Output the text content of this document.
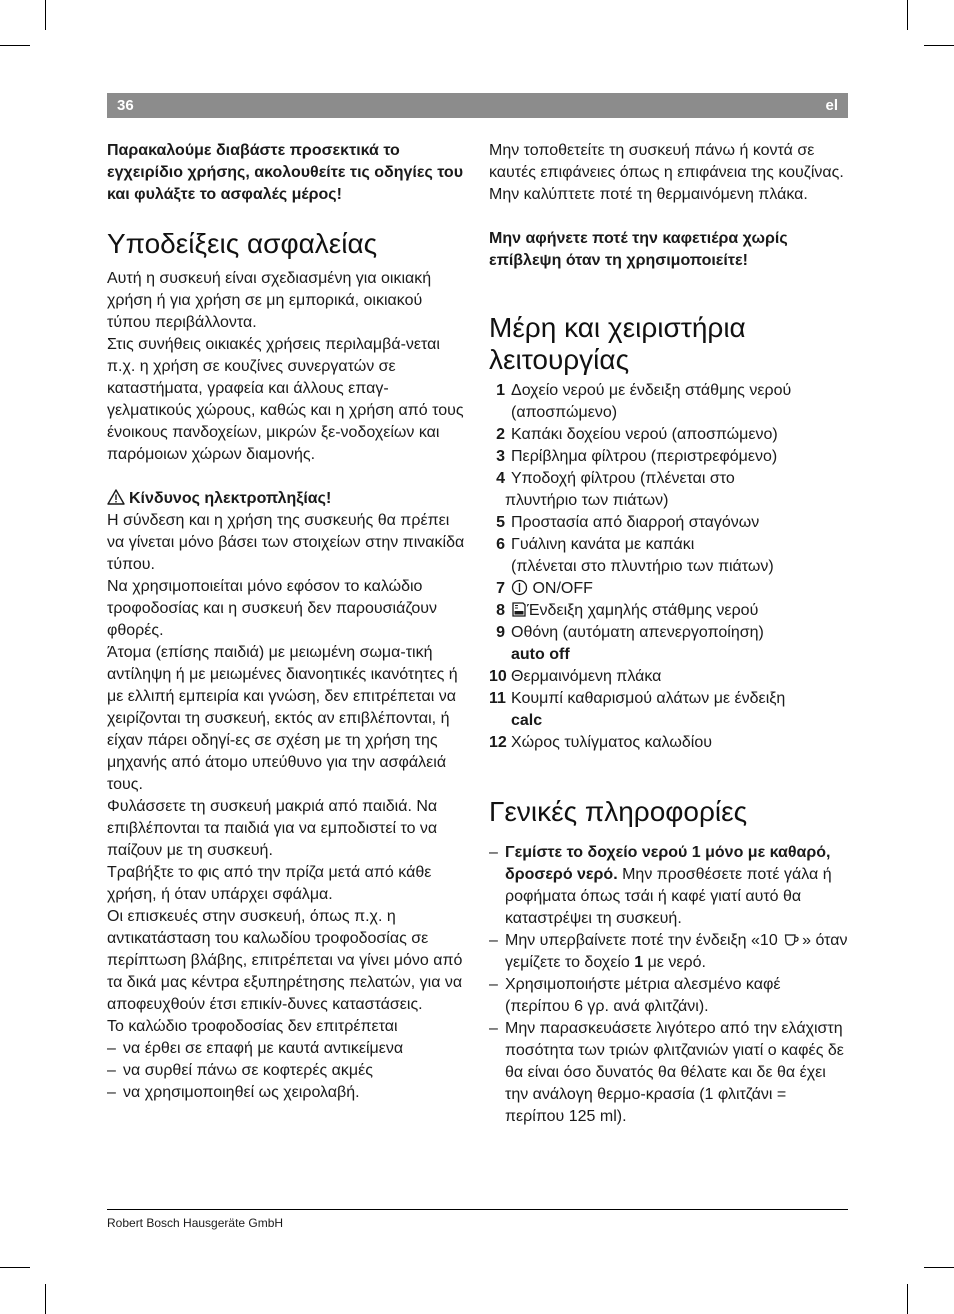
36	el

Παρακαλούμε διαβάστε προσεκτικά το εγχειρίδιο χρήσης, ακολουθείτε τις οδηγίες του και φυλάξτε το ασφαλές μέρος!

Υποδείξεις ασφαλείας

Αυτή η συσκευή είναι σχεδιασμένη για οικιακή χρήση ή για χρήση σε μη εμπορικά, οικιακού τύπου περιβάλλοντα.

Στις συνήθεις οικιακές χρήσεις περιλαμβά-νεται π.χ. η χρήση σε κουζίνες συνεργατών σε καταστήματα, γραφεία και άλλους επαγ-γελματικούς χώρους, καθώς και η χρήση από τους ένοικους πανδοχείων, μικρών ξε-νοδοχείων και παρόμοιων χώρων διαμονής.

Κίνδυνος ηλεκτροπληξίας!

Η σύνδεση και η χρήση της συσκευής θα πρέπει να γίνεται μόνο βάσει των στοιχείων στην πινακίδα τύπου.

Να χρησιμοποιείται μόνο εφόσον το καλώδιο τροφοδοσίας και η συσκευή δεν παρουσιάζουν φθορές.

Άτομα (επίσης παιδιά) με μειωμένη σωμα-τική αντίληψη ή με μειωμένες διανοητικές ικανότητες ή με ελλιπή εμπειρία και γνώση, δεν επιτρέπεται να χειρίζονται τη συσκευή, εκτός αν επιβλέπονται, ή είχαν πάρει οδηγί-ες σε σχέση με τη χρήση της μηχανής από άτομο υπεύθυνο για την ασφάλειά τους.

Φυλάσσετε τη συσκευή μακριά από παιδιά. Να επιβλέπονται τα παιδιά για να εμποδιστεί το να παίζουν με τη συσκευή.

Τραβήξτε το φις από την πρίζα μετά από κάθε χρήση, ή όταν υπάρχει σφάλμα.

Οι επισκευές στην συσκευή, όπως π.χ. η αντικατάσταση του καλωδίου τροφοδοσίας σε περίπτωση βλάβης, επιτρέπεται να γίνει μόνο από τα δικά μας κέντρα εξυπηρέτησης πελατών, για να αποφευχθούν έτσι επικίν-δυνες καταστάσεις.

Το καλώδιο τροφοδοσίας δεν επιτρέπεται

– να έρθει σε επαφή με καυτά αντικείμενα
– να συρθεί πάνω σε κοφτερές ακμές
– να χρησιμοποιηθεί ως χειρολαβή.

Μην τοποθετείτε τη συσκευή πάνω ή κοντά σε καυτές επιφάνειες όπως η επιφάνεια της κουζίνας.

Μην καλύπτετε ποτέ τη θερμαινόμενη πλάκα.

Μην αφήνετε ποτέ την καφετιέρα χωρίς επίβλεψη όταν τη χρησιμοποιείτε!

Μέρη και χειριστήρια
λειτουργίας
1 Δοχείο νερού με ένδειξη στάθμης νερού (αποσπώμενο)
2 Καπάκι δοχείου νερού (αποσπώμενο)
3 Περίβλημα φίλτρου (περιστρεφόμενο)
4 Υποδοχή φίλτρου (πλένεται στο
πλυντήριο των πιάτων)
5 Προστασία από διαρροή σταγόνων
6 Γυάλινη κανάτα με καπάκι
(πλένεται στο πλυντήριο των πιάτων)
7 ON/OFF
8 Ένδειξη χαμηλής στάθμης νερού
9 Οθόνη (αυτόματη απενεργοποίηση)
auto off
10 Θερμαινόμενη πλάκα
11 Κουμπί καθαρισμού αλάτων με ένδειξη
calc
12 Χώρος τυλίγματος καλωδίου
Γενικές πληροφορίες
– Γεμίστε το δοχείο νερού 1 μόνο με καθαρό, δροσερό νερό. Μην προσθέσετε ποτέ γάλα ή ροφήματα όπως τσάι ή καφέ γιατί αυτό θα καταστρέψει τη συσκευή.
– Μην υπερβαίνετε ποτέ την ένδειξη «10 » όταν γεμίζετε το δοχείο 1 με νερό.
– Χρησιμοποιήστε μέτρια αλεσμένο καφέ (περίπου 6 γρ. ανά φλιτζάνι).
– Μην παρασκευάσετε λιγότερο από την ελάχιστη ποσότητα των τριών φλιτζανιών γιατί ο καφές δε θα είναι όσο δυνατός θα θέλατε και δε θα έχει την ανάλογη θερμο-κρασία (1 φλιτζάνι = περίπου 125 ml).
Robert Bosch Hausgeräte GmbH
